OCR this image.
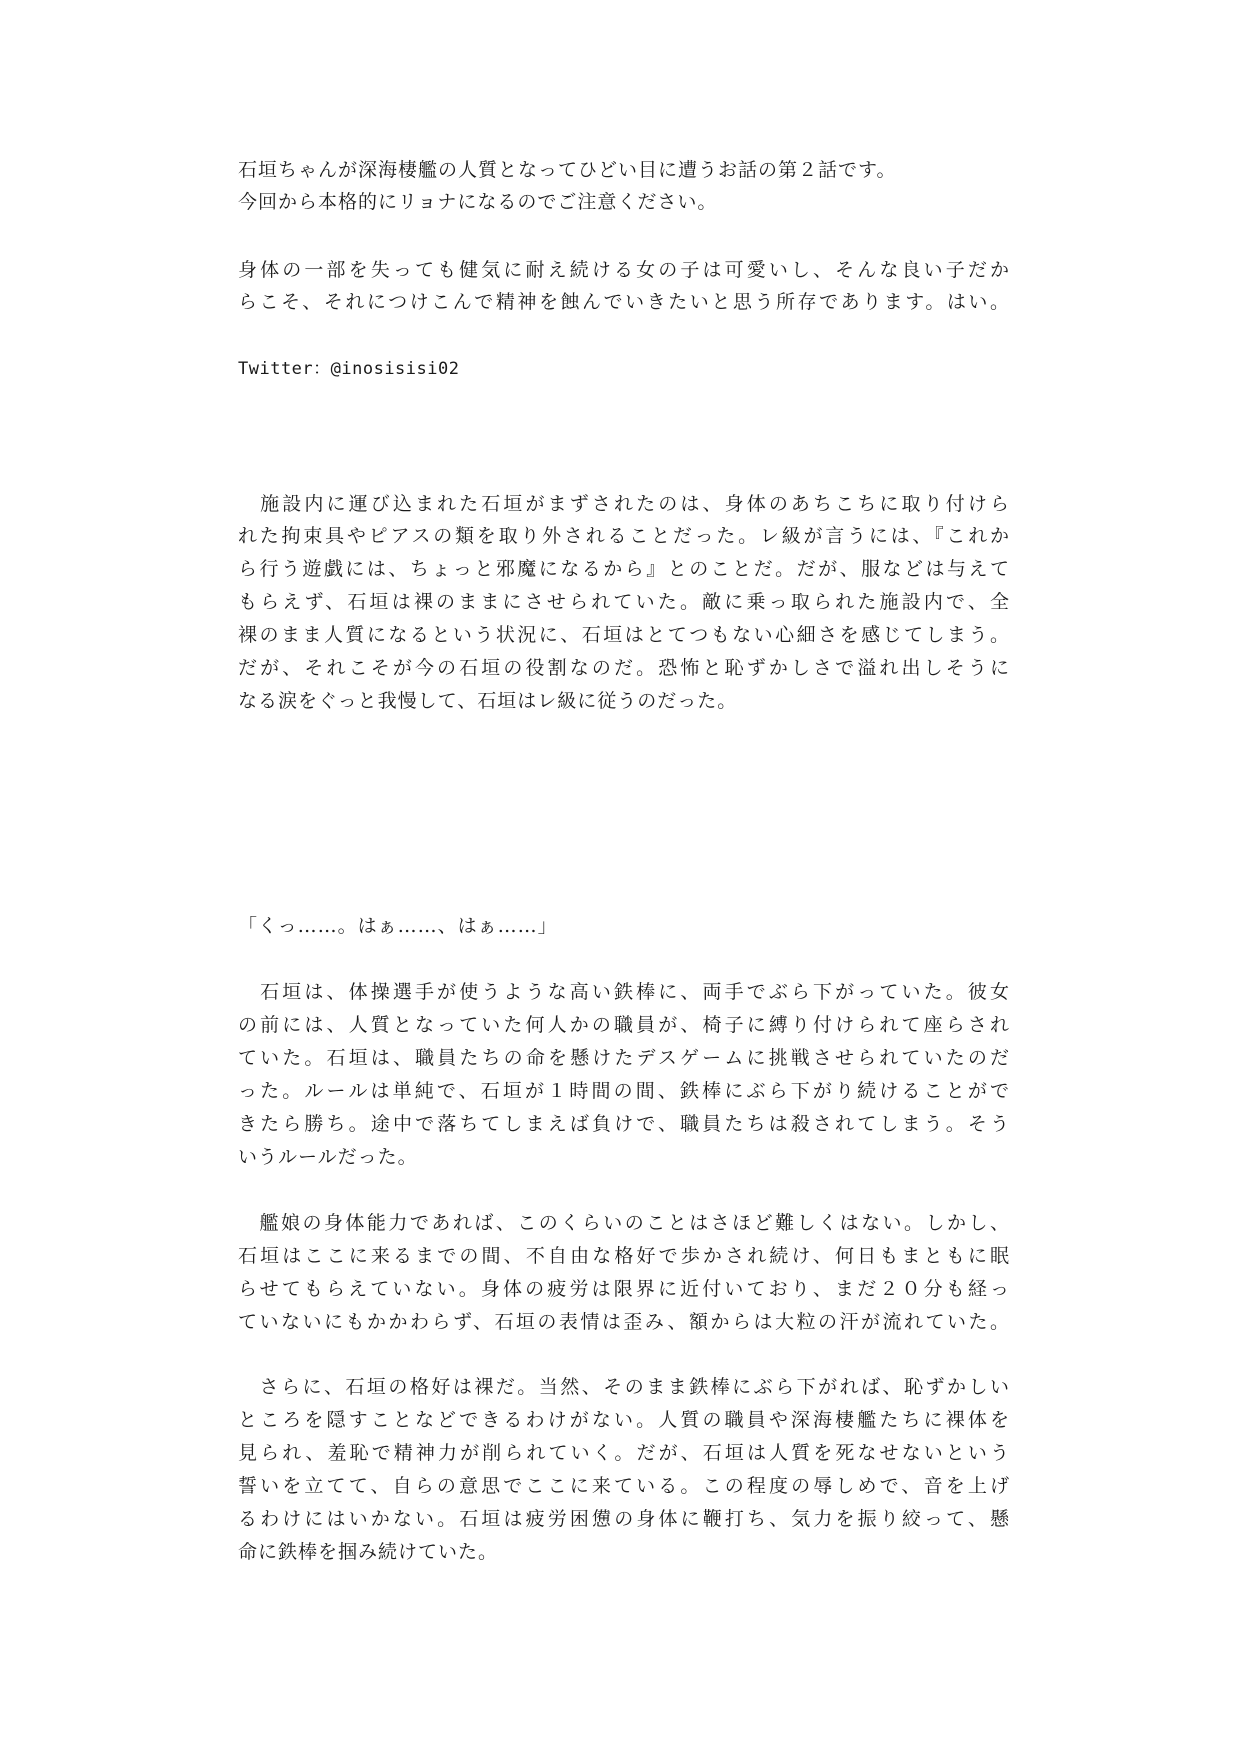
石垣ちゃんが深海棲艦の人質となってひどい目に遭うお話の第２話です。
今回から本格的にリョナになるのでご注意ください。
身体の一部を失っても健気に耐え続ける女の子は可愛いし、そんな良い子だか
らこそ、それにつけこんで精神を蝕んでいきたいと思う所存であります。はい。
Twitter：@inosisisi02
　施設内に運び込まれた石垣がまずされたのは、身体のあちこちに取り付けら
れた拘束具やピアスの類を取り外されることだった。レ級が言うには、『これか
ら行う遊戯には、ちょっと邪魔になるから』とのことだ。だが、服などは与えて
もらえず、石垣は裸のままにさせられていた。敵に乗っ取られた施設内で、全
裸のまま人質になるという状況に、石垣はとてつもない心細さを感じてしまう。
だが、それこそが今の石垣の役割なのだ。恐怖と恥ずかしさで溢れ出しそうに
なる涙をぐっと我慢して、石垣はレ級に従うのだった。
「くっ……。はぁ……、はぁ……」
　石垣は、体操選手が使うような高い鉄棒に、両手でぶら下がっていた。彼女
の前には、人質となっていた何人かの職員が、椅子に縛り付けられて座らされ
ていた。石垣は、職員たちの命を懸けたデスゲームに挑戦させられていたのだ
った。ルールは単純で、石垣が１時間の間、鉄棒にぶら下がり続けることがで
きたら勝ち。途中で落ちてしまえば負けで、職員たちは殺されてしまう。そう
いうルールだった。
　艦娘の身体能力であれば、このくらいのことはさほど難しくはない。しかし、
石垣はここに来るまでの間、不自由な格好で歩かされ続け、何日もまともに眠
らせてもらえていない。身体の疲労は限界に近付いており、まだ２０分も経っ
ていないにもかかわらず、石垣の表情は歪み、額からは大粒の汗が流れていた。
　さらに、石垣の格好は裸だ。当然、そのまま鉄棒にぶら下がれば、恥ずかしい
ところを隠すことなどできるわけがない。人質の職員や深海棲艦たちに裸体を
見られ、羞恥で精神力が削られていく。だが、石垣は人質を死なせないという
誓いを立てて、自らの意思でここに来ている。この程度の辱しめで、音を上げ
るわけにはいかない。石垣は疲労困憊の身体に鞭打ち、気力を振り絞って、懸
命に鉄棒を掴み続けていた。
